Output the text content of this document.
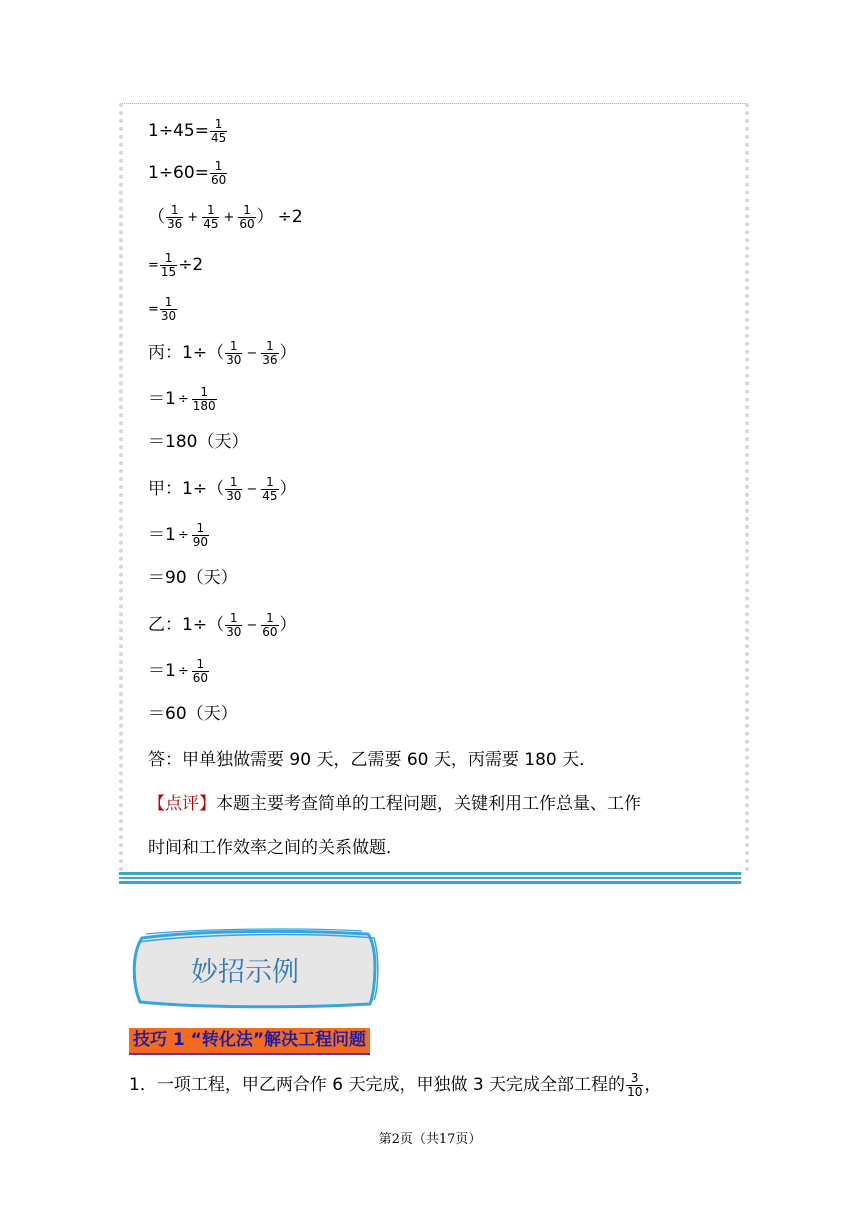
$1\div 45= \frac{1}{45}$
$1\div 60= \frac{1}{60}$
（ $\frac{1}{36} + \frac{1}{45} + \frac{1}{60}$ ） ÷2
= $\frac{1}{15} \div 2$
= $\frac{1}{30}$
丙：1÷ （ $\frac{1}{30} - \frac{1}{36}$ ）
$=1 \div \frac{1}{180}$
＝180（天）
甲：1÷ （ $\frac{1}{30} - \frac{1}{45}$ ）
$=1 \div \frac{1}{90}$
＝90（天）
乙：1÷ （ $\frac{1}{30} - \frac{1}{60}$ ）
$=1 \div \frac{1}{60}$
＝60（天）
答：甲单独做需要 90 天，乙需要 60 天，丙需要 180 天．
【点评】 本题主要考查简单的工程问题，关键利用工作总量、工作
时间和工作效率之间的关系做题．
妙招示例
技巧 1 “转化法”解决工程问题
1．一项工程，甲乙两合作 6 天完成，甲独做 3 天完成全部工程的 $\frac{3}{10}$ ，
第2页（共17页）
